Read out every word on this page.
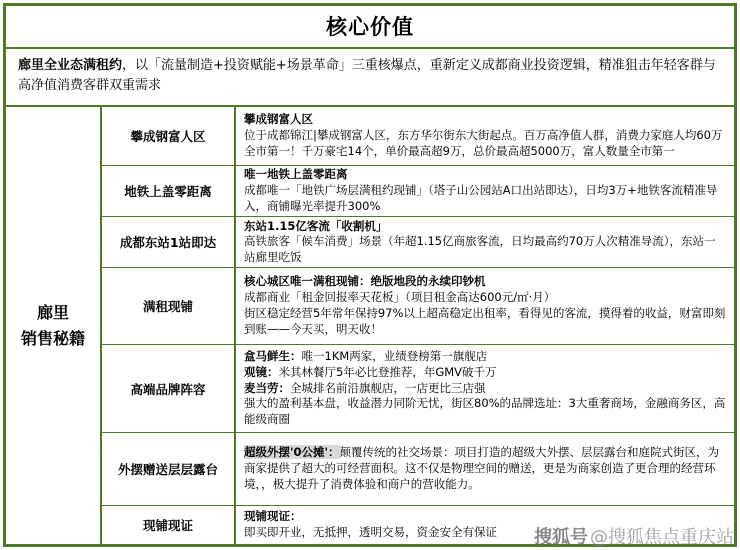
核心价值
廊里全业态满租约，以「流量制造+投资赋能+场景革命」三重核爆点，重新定义成都商业投资逻辑，精准狙击年轻客群与高净值消费客群双重需求
廊里
销售秘籍
攀成钢富人区
攀成钢富人区
位于成都锦江|攀成钢富人区，东方华尔街东大街起点。百万高净值人群，消费力家庭人均60万全市第一！千万豪宅14个，单价最高超9万，总价最高超5000万，富人数量全市第一
地铁上盖零距离
唯一地铁上盖零距离
成都唯一「地铁广场层满租约现铺」（塔子山公园站A口出站即达），日均3万+地铁客流精准导入，商铺曝光率提升300%
成都东站1站即达
东站1.15亿客流「收割机」
高铁旅客「候车消费」场景（年超1.15亿商旅客流，日均最高约70万人次精准导流），东站一站廊里吃饭
满租现铺
核心城区唯一满租现铺：绝版地段的永续印钞机
成都商业「租金回报率天花板」（项目租金高达600元/㎡·月）
街区稳定经营5年常年保持97%以上超高稳定出租率，看得见的客流，摸得着的收益，财富即刻到账——今天买，明天收！
高端品牌阵容
盒马鲜生：唯一1KM两家，业绩登榜第一旗舰店
观镜：米其林餐厅5年必比登推荐，年GMV破千万
麦当劳：全城排名前沿旗舰店，一店更比三店强
强大的盈利基本盘，收益潜力同阶无忧，街区80%的品牌选址：3大重奢商场，金融商务区，高能级商圈
外摆赠送层层露台
超级外摆'0公摊'：颠覆传统的社交场景：项目打造的超级大外摆、层层露台和庭院式街区，为商家提供了超大的可经营面积。这不仅是物理空间的赠送，更是为商家创造了更合理的经营环境，，极大提升了消费体验和商户的营收能力。
现铺现证
现铺现证：
即买即开业，无抵押，透明交易，资金安全有保证	搜狐号 @搜狐焦点重庆站
